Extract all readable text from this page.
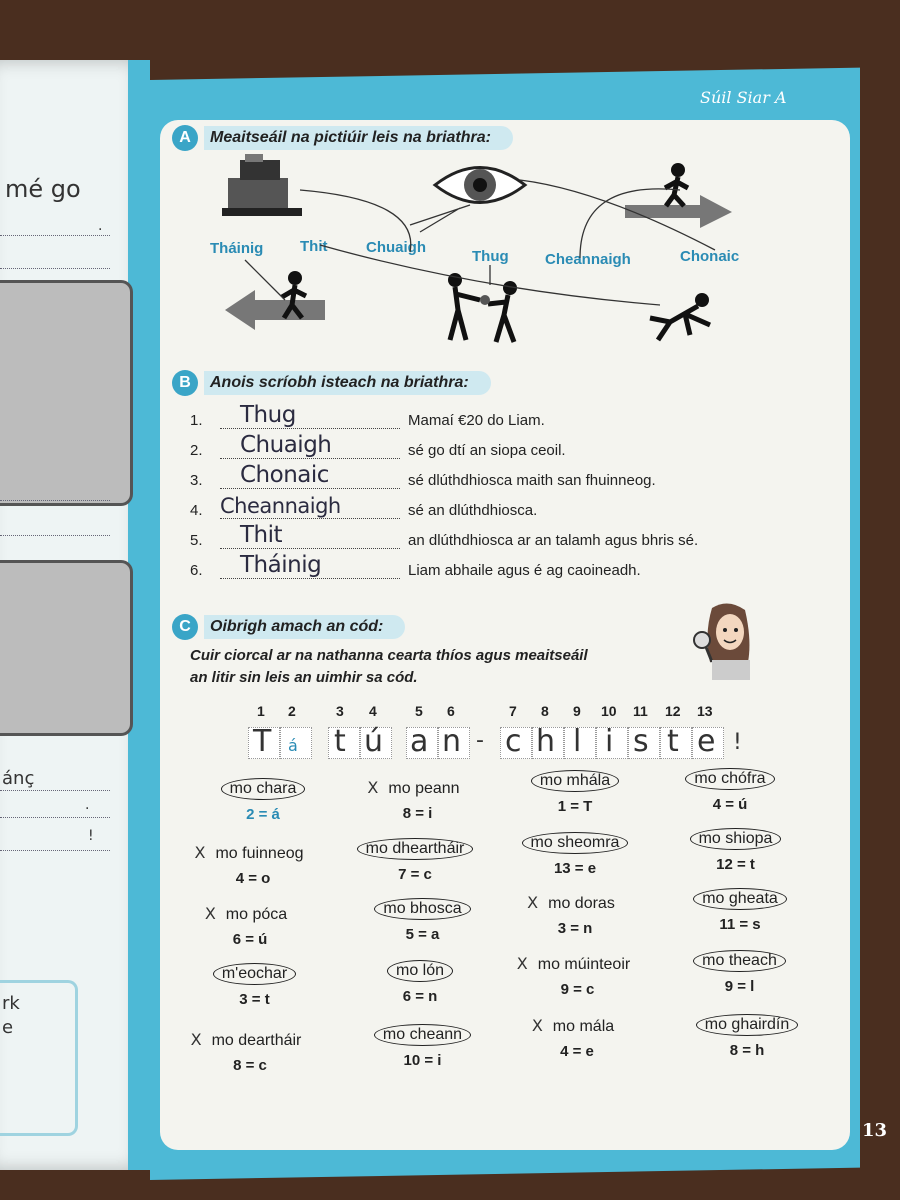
mé go
.
ánç
.
!
rk
e
Súil Siar A
13
A	Meaitseáil na pictiúir leis na briathra:
Tháinig Thit	Chuaigh
Thug Cheannaigh	Chonaic
B	Anois scríobh isteach na briathra:
1.	Thug	Mamaí €20 do Liam.
2.	Chuaigh	sé go dtí an siopa ceoil.
3.	Chonaic	sé dlúthdhiosca maith san fhuinneog.
4. Cheannaigh	sé an dlúthdhiosca.
5.	Thit	an dlúthdhiosca ar an talamh agus bhris sé.
6.	Tháinig	Liam abhaile agus é ag caoineadh.
C	Oibrigh amach an cód:
Cuir ciorcal ar na nathanna cearta thíos agus meaitseáil
an litir sin leis an uimhir sa cód.
1 2	3 4	5 6	7 8 9 10 11 12 13
T á t ú a n - c h l i s t e !
mo chara
2 = á
X mo peann
8 = i
mo mhála
1 = T
mo chófra
4 = ú
X mo fuinneog
4 = o
mo dheartháir
7 = c
mo sheomra
13 = e
mo shiopa
12 = t
X mo póca
6 = ú
mo bhosca
5 = a
X mo doras
3 = n
mo gheata
11 = s
m'eochar
3 = t
mo lón
6 = n
X mo múinteoir
9 = c
mo theach
9 = l
X mo deartháir
8 = c
mo cheann
10 = i
X mo mála
4 = e
mo ghairdín
8 = h
